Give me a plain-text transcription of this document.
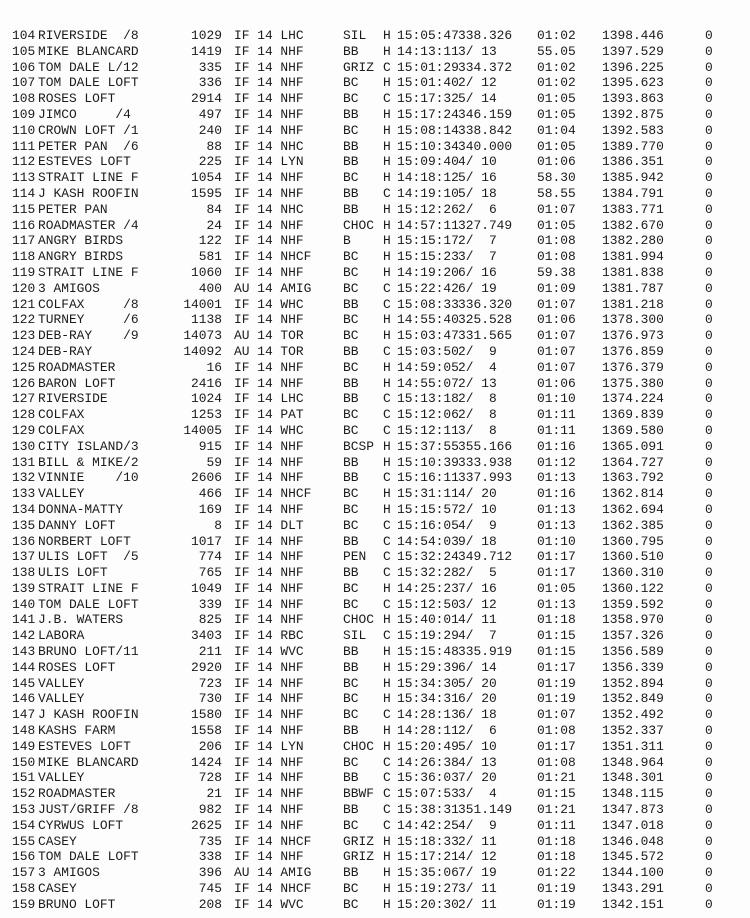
104 RIVERSIDE  /8	1029 IF 14 LHC	SIL H 15:05:47 338.326 01:02 1398.446	0
105 MIKE BLANCARD	1419 IF 14 NHF	BB H 14:13:11 3/ 13	55.05 1397.529	0
106 TOM DALE L/12	335 IF 14 NHF	GRIZ C 15:01:29 334.372 01:02 1396.225	0
107 TOM DALE LOFT	336 IF 14 NHF	BC H 15:01:40 2/ 12	01:02 1395.623	0
108 ROSES LOFT	2914 IF 14 NHF	BC C 15:17:32 5/ 14	01:05 1393.863	0
109 JIMCO     /4	497 IF 14 NHF	BB H 15:17:24 346.159 01:05 1392.875	0
110 CROWN LOFT /1	240 IF 14 NHF	BC H 15:08:14 338.842 01:04 1392.583	0
111 PETER PAN  /6	88 IF 14 NHC	BB H 15:10:34 340.000 01:05 1389.770	0
112 ESTEVES LOFT	225 IF 14 LYN	BB H 15:09:40 4/ 10	01:06 1386.351	0
113 STRAIT LINE F	1054 IF 14 NHF	BC H 14:18:12 5/ 16	58.30 1385.942	0
114 J KASH ROOFIN	1595 IF 14 NHF	BB C 14:19:10 5/ 18	58.55 1384.791	0
115 PETER PAN	84 IF 14 NHC	BB H 15:12:26 2/  6	01:07 1383.771	0
116 ROADMASTER /4	24 IF 14 NHF	CHOC H 14:57:11 327.749 01:05 1382.670	0
117 ANGRY BIRDS	122 IF 14 NHF	B	H 15:15:17 2/  7	01:08 1382.280	0
118 ANGRY BIRDS	581 IF 14 NHCF BC H 15:15:23 3/  7	01:08 1381.994	0
119 STRAIT LINE F	1060 IF 14 NHF	BC H 14:19:20 6/ 16	59.38 1381.838	0
120 3 AMIGOS	400 AU 14 AMIG BC C 15:22:42 6/ 19	01:09 1381.787	0
121 COLFAX     /8	14001 IF 14 WHC	BB C 15:08:33 336.320 01:07 1381.218	0
122 TURNEY     /6	1138 IF 14 NHF	BC H 14:55:40 325.528 01:06 1378.300	0
123 DEB-RAY    /9	14073 AU 14 TOR	BC H 15:03:47 331.565 01:07 1376.973	0
124 DEB-RAY	14092 AU 14 TOR	BB C 15:03:50 2/  9	01:07 1376.859	0
125 ROADMASTER	16 IF 14 NHF	BC H 14:59:05 2/  4	01:07 1376.379	0
126 BARON LOFT	2416 IF 14 NHF	BB H 14:55:07 2/ 13	01:06 1375.380	0
127 RIVERSIDE	1024 IF 14 LHC	BB C 15:13:18 2/  8	01:10 1374.224	0
128 COLFAX	1253 IF 14 PAT	BC C 15:12:06 2/  8	01:11 1369.839	0
129 COLFAX	14005 IF 14 WHC	BC C 15:12:11 3/  8	01:11 1369.580	0
130 CITY ISLAND/3	915 IF 14 NHF	BCSP H 15:37:55 355.166 01:16 1365.091	0
131 BILL & MIKE/2	59 IF 14 NHF	BB H 15:10:39 333.938 01:12 1364.727	0
132 VINNIE    /10	2606 IF 14 NHF	BB C 15:16:11 337.993 01:13 1363.792	0
133 VALLEY	466 IF 14 NHCF BC H 15:31:11 4/ 20	01:16 1362.814	0
134 DONNA-MATTY	169 IF 14 NHF	BC H 15:15:57 2/ 10	01:13 1362.694	0
135 DANNY LOFT	8 IF 14 DLT	BC C 15:16:05 4/  9	01:13 1362.385	0
136 NORBERT LOFT	1017 IF 14 NHF	BB C 14:54:03 9/ 18	01:10 1360.795	0
137 ULIS LOFT  /5	774 IF 14 NHF	PEN C 15:32:24 349.712 01:17 1360.510	0
138 ULIS LOFT	765 IF 14 NHF	BB C 15:32:28 2/  5	01:17 1360.310	0
139 STRAIT LINE F	1049 IF 14 NHF	BC H 14:25:23 7/ 16	01:05 1360.122	0
140 TOM DALE LOFT	339 IF 14 NHF	BC C 15:12:50 3/ 12	01:13 1359.592	0
141 J.B. WATERS	825 IF 14 NHF	CHOC H 15:40:01 4/ 11	01:18 1358.970	0
142 LABORA	3403 IF 14 RBC	SIL C 15:19:29 4/  7	01:15 1357.326	0
143 BRUNO LOFT/11	211 IF 14 WVC	BB H 15:15:48 335.919 01:15 1356.589	0
144 ROSES LOFT	2920 IF 14 NHF	BB H 15:29:39 6/ 14	01:17 1356.339	0
145 VALLEY	723 IF 14 NHF	BC H 15:34:30 5/ 20	01:19 1352.894	0
146 VALLEY	730 IF 14 NHF	BC H 15:34:31 6/ 20	01:19 1352.849	0
147 J KASH ROOFIN	1580 IF 14 NHF	BC C 14:28:13 6/ 18	01:07 1352.492	0
148 KASHS FARM	1558 IF 14 NHF	BB H 14:28:11 2/  6	01:08 1352.337	0
149 ESTEVES LOFT	206 IF 14 LYN	CHOC H 15:20:49 5/ 10	01:17 1351.311	0
150 MIKE BLANCARD	1424 IF 14 NHF	BC C 14:26:38 4/ 13	01:08 1348.964	0
151 VALLEY	728 IF 14 NHF	BB C 15:36:03 7/ 20	01:21 1348.301	0
152 ROADMASTER	21 IF 14 NHF	BBWF C 15:07:53 3/  4	01:15 1348.115	0
153 JUST/GRIFF /8	982 IF 14 NHF	BB C 15:38:31 351.149 01:21 1347.873	0
154 CYRWUS LOFT	2625 IF 14 NHF	BC C 14:42:25 4/  9	01:11 1347.018	0
155 CASEY	735 IF 14 NHCF GRIZ H 15:18:33 2/ 11	01:18 1346.048	0
156 TOM DALE LOFT	338 IF 14 NHF	GRIZ H 15:17:21 4/ 12	01:18 1345.572	0
157 3 AMIGOS	396 AU 14 AMIG BB H 15:35:06 7/ 19	01:22 1344.100	0
158 CASEY	745 IF 14 NHCF BC H 15:19:27 3/ 11	01:19 1343.291	0
159 BRUNO LOFT	208 IF 14 WVC	BC H 15:20:30 2/ 11	01:19 1342.151	0
